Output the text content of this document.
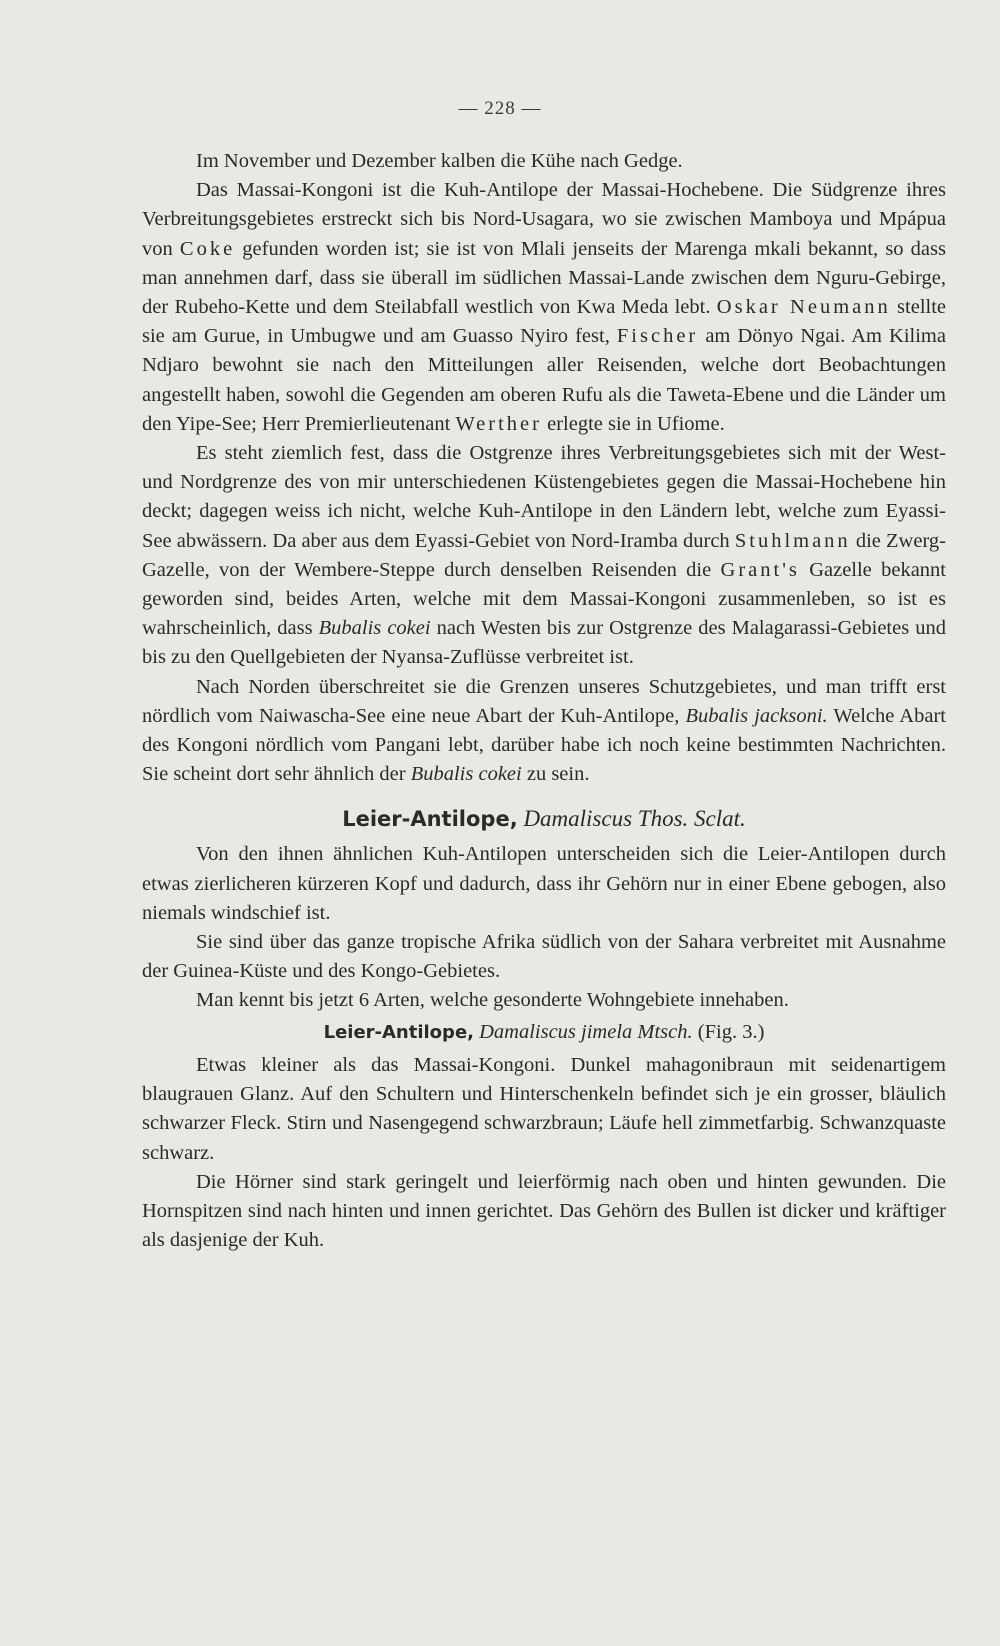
— 228 —

Im November und Dezember kalben die Kühe nach Gedge.

Das Massai-Kongoni ist die Kuh-Antilope der Massai-Hochebene. Die Südgrenze ihres Verbreitungsgebietes erstreckt sich bis Nord-Usagara, wo sie zwischen Mamboya und Mpápua von Coke gefunden worden ist; sie ist von Mlali jenseits der Marenga mkali bekannt, so dass man annehmen darf, dass sie überall im südlichen Massai-Lande zwischen dem Nguru-Gebirge, der Rubeho-Kette und dem Steilabfall westlich von Kwa Meda lebt. Oskar Neumann stellte sie am Gurue, in Umbugwe und am Guasso Nyiro fest, Fischer am Dönyo Ngai. Am Kilima Ndjaro bewohnt sie nach den Mitteilungen aller Reisenden, welche dort Beobachtungen angestellt haben, sowohl die Gegenden am oberen Rufu als die Taweta-Ebene und die Länder um den Yipe-See; Herr Premierlieutenant Werther erlegte sie in Ufiome.

Es steht ziemlich fest, dass die Ostgrenze ihres Verbreitungsgebietes sich mit der West- und Nordgrenze des von mir unterschiedenen Küstengebietes gegen die Massai-Hochebene hin deckt; dagegen weiss ich nicht, welche Kuh-Antilope in den Ländern lebt, welche zum Eyassi-See abwässern. Da aber aus dem Eyassi-Gebiet von Nord-Iramba durch Stuhlmann die Zwerg-Gazelle, von der Wembere-Steppe durch denselben Reisenden die Grant's Gazelle bekannt geworden sind, beides Arten, welche mit dem Massai-Kongoni zusammenleben, so ist es wahrscheinlich, dass Bubalis cokei nach Westen bis zur Ostgrenze des Malagarassi-Gebietes und bis zu den Quellgebieten der Nyansa-Zuflüsse verbreitet ist.

Nach Norden überschreitet sie die Grenzen unseres Schutzgebietes, und man trifft erst nördlich vom Naiwascha-See eine neue Abart der Kuh-Antilope, Bubalis jacksoni. Welche Abart des Kongoni nördlich vom Pangani lebt, darüber habe ich noch keine bestimmten Nachrichten. Sie scheint dort sehr ähnlich der Bubalis cokei zu sein.

Leier-Antilope, Damaliscus Thos. Sclat.

Von den ihnen ähnlichen Kuh-Antilopen unterscheiden sich die Leier-Antilopen durch etwas zierlicheren kürzeren Kopf und dadurch, dass ihr Gehörn nur in einer Ebene gebogen, also niemals windschief ist.

Sie sind über das ganze tropische Afrika südlich von der Sahara verbreitet mit Ausnahme der Guinea-Küste und des Kongo-Gebietes.

Man kennt bis jetzt 6 Arten, welche gesonderte Wohngebiete innehaben.

Leier-Antilope, Damaliscus jimela Mtsch. (Fig. 3.)

Etwas kleiner als das Massai-Kongoni. Dunkel mahagonibraun mit seidenartigem blaugrauen Glanz. Auf den Schultern und Hinterschenkeln befindet sich je ein grosser, bläulich schwarzer Fleck. Stirn und Nasengegend schwarzbraun; Läufe hell zimmetfarbig. Schwanzquaste schwarz.

Die Hörner sind stark geringelt und leierförmig nach oben und hinten gewunden. Die Hornspitzen sind nach hinten und innen gerichtet. Das Gehörn des Bullen ist dicker und kräftiger als dasjenige der Kuh.
